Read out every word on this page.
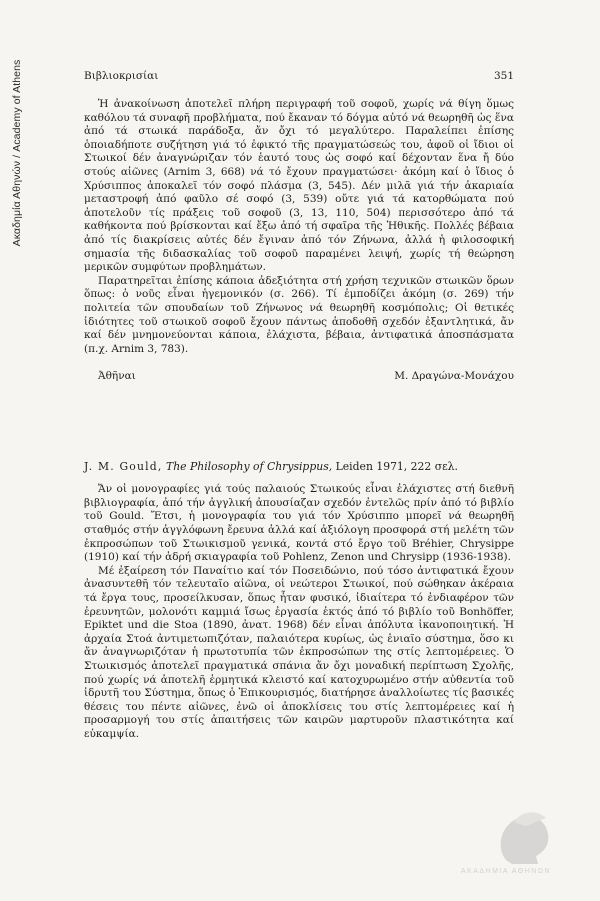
Ακαδημία Αθηνών / Academy of Athens	Βιβλιοκρισίαι	351

Ἡ ἀνακοίνωση ἀποτελεῖ πλήρη περιγραφή τοῦ σοφοῦ, χωρίς νά θίγη ὅμως καθόλου τά συναφῆ προβλήματα, πού ἔκαναν τό δόγμα αὐτό νά θεωρηθῆ ὡς ἕνα ἀπό τά στωικά παράδοξα, ἄν ὄχι τό μεγαλύτερο. Παραλείπει ἐπίσης ὁποιαδήποτε συζήτηση γιά τό ἐφικτό τῆς πραγματώσεώς του, ἀφοῦ οἱ ἴδιοι οἱ Στωικοί δέν ἀναγνώριζαν τόν ἑαυτό τους ὡς σοφό καί δέχονταν ἕνα ἤ δύο στούς αἰῶνες (Arnim 3, 668) νά τό ἔχουν πραγματώσει· ἀκόμη καί ὁ ἴδιος ὁ Χρύσιππος ἀποκαλεῖ τόν σοφό πλάσμα (3, 545). Δέν μιλᾶ γιά τήν ἀκαριαία μεταστροφή ἀπό φαῦλο σέ σοφό (3, 539) οὔτε γιά τά κατορθώματα πού ἀποτελοῦν τίς πράξεις τοῦ σοφοῦ (3, 13, 110, 504) περισσότερο ἀπό τά καθήκοντα πού βρίσκονται καί ἔξω ἀπό τή σφαῖρα τῆς Ἠθικῆς. Πολλές βέβαια ἀπό τίς διακρίσεις αὐτές δέν ἔγιναν ἀπό τόν Ζήνωνα, ἀλλά ἡ φιλοσοφική σημασία τῆς διδασκαλίας τοῦ σοφοῦ παραμένει λειψή, χωρίς τή θεώρηση μερικῶν συμφύτων προβλημάτων.

Παρατηρεῖται ἐπίσης κάποια ἀδεξιότητα στή χρήση τεχνικῶν στωικῶν ὅρων ὅπως: ὁ νοῦς εἶναι ἡγεμονικόν (σ. 266). Τί ἐμποδίζει ἀκόμη (σ. 269) τήν πολιτεία τῶν σπουδαίων τοῦ Ζήνωνος νά θεωρηθῆ κοσμόπολις; Οἱ θετικές ἰδιότητες τοῦ στωικοῦ σοφοῦ ἔχουν πάντως ἀποδοθῆ σχεδόν ἐξαντλητικά, ἄν καί δέν μνημονεύονται κάποια, ἐλάχιστα, βέβαια, ἀντιφατικά ἀποσπάσματα (π.χ. Arnim 3, 783).

Ἀθῆναι	Μ. Δραγώνα-Μονάχου

J. M. Gould, The Philosophy of Chrysippus, Leiden 1971, 222 σελ.

Ἄν οἱ μονογραφίες γιά τούς παλαιούς Στωικούς εἶναι ἐλάχιστες στή διεθνῆ βιβλιογραφία, ἀπό τήν ἀγγλική ἀπουσίαζαν σχεδόν ἐντελῶς πρίν ἀπό τό βιβλίο τοῦ Gould. Ἔτσι, ἡ μονογραφία του γιά τόν Χρύσιππο μπορεῖ νά θεωρηθῆ σταθμός στήν ἀγγλόφωνη ἔρευνα ἀλλά καί ἀξιόλογη προσφορά στή μελέτη τῶν ἐκπροσώπων τοῦ Στωικισμοῦ γενικά, κοντά στό ἔργο τοῦ Bréhier, Chrysippe (1910) καί τήν ἁδρή σκιαγραφία τοῦ Pohlenz, Zenon und Chrysipp (1936-1938).

Μέ ἐξαίρεση τόν Παναίτιο καί τόν Ποσειδώνιο, πού τόσο ἀντιφατικά ἔχουν ἀνασυντεθῆ τόν τελευταῖο αἰῶνα, οἱ νεώτεροι Στωικοί, πού σώθηκαν ἀκέραια τά ἔργα τους, προσείλκυσαν, ὅπως ἦταν φυσικό, ἰδιαίτερα τό ἐνδιαφέρον τῶν ἐρευνητῶν, μολονότι καμμιά ἴσως ἐργασία ἐκτός ἀπό τό βιβλίο τοῦ Bonhöffer, Epiktet und die Stoa (1890, ἀνατ. 1968) δέν εἶναι ἀπόλυτα ἱκανοποιητική. Ἡ ἀρχαία Στοά ἀντιμετωπιζόταν, παλαιότερα κυρίως, ὡς ἑνιαῖο σύστημα, ὅσο κι ἄν ἀναγνωριζόταν ἡ πρωτοτυπία τῶν ἐκπροσώπων της στίς λεπτομέρειες. Ὁ Στωικισμός ἀποτελεῖ πραγματικά σπάνια ἄν ὄχι μοναδική περίπτωση Σχολῆς, πού χωρίς νά ἀποτελῆ ἐρμητικά κλειστό καί κατοχυρωμένο στήν αὐθεντία τοῦ ἱδρυτῆ του Σύστημα, ὅπως ὁ Ἐπικουρισμός, διατήρησε ἀναλλοίωτες τίς βασικές θέσεις του πέντε αἰῶνες, ἐνῶ οἱ ἀποκλίσεις του στίς λεπτομέρειες καί ἡ προσαρμογή του στίς ἀπαιτήσεις τῶν καιρῶν μαρτυροῦν πλαστικότητα καί εὐκαμψία.

ΑΚΑΔΗΜΙΑ ΑΘΗΝΩΝ
